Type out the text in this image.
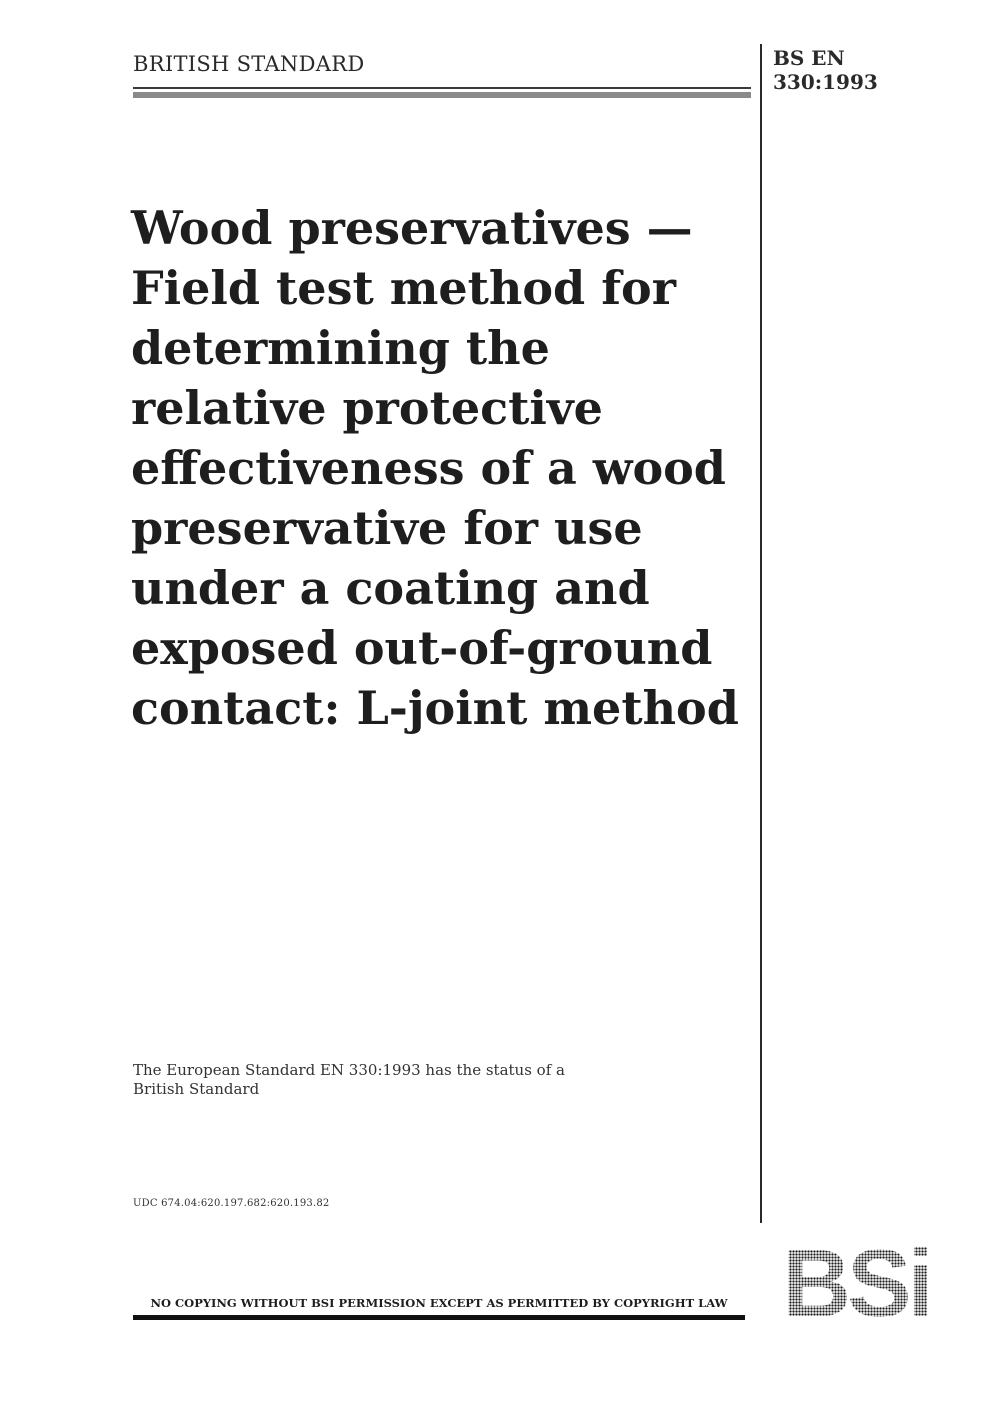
BRITISH STANDARD	BS EN
330:1993
Wood preservatives —
Field test method for
determining the
relative protective
effectiveness of a wood
preservative for use
under a coating and
exposed out-of-ground
contact: L-joint method
The European Standard EN 330:1993 has the status of a
British Standard
UDC 674.04:620.197.682:620.193.82
BSi
NO COPYING WITHOUT BSI PERMISSION EXCEPT AS PERMITTED BY COPYRIGHT LAW
